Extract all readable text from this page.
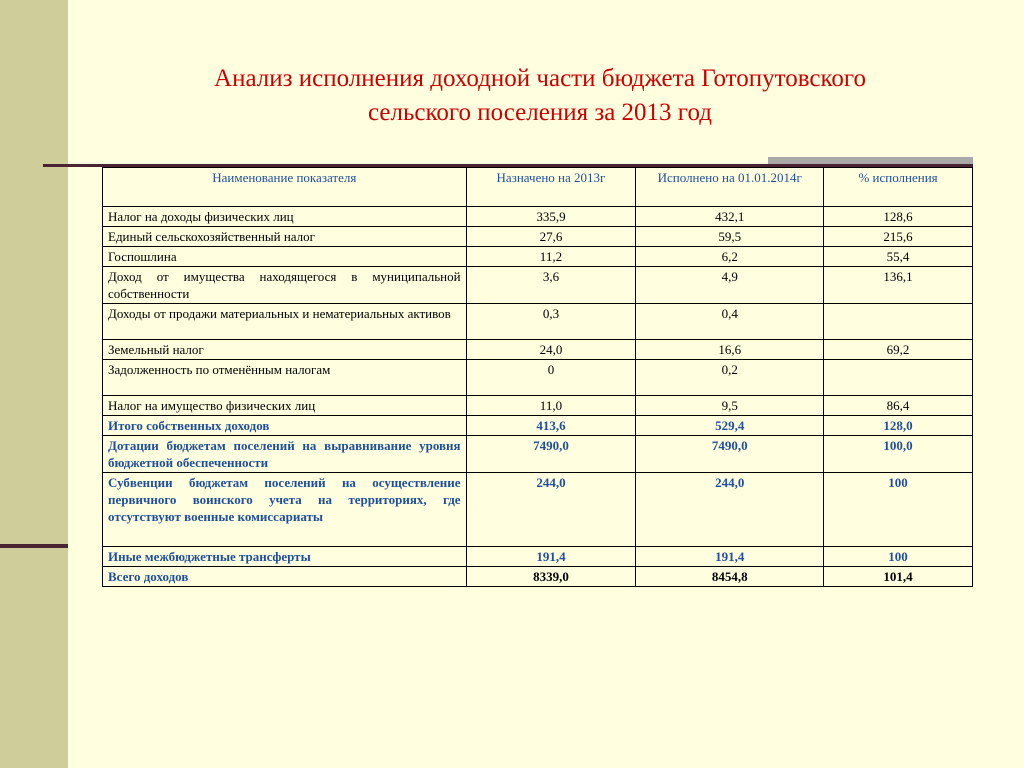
Анализ исполнения доходной части бюджета Готопутовского
сельского поселения за 2013 год
Наименование показателя	Назначено на 2013г	Исполнено на 01.01.2014г	% исполнения
Налог на доходы физических лиц	335,9	432,1	128,6
Единый сельскохозяйственный налог	27,6	59,5	215,6
Госпошлина	11,2	6,2	55,4
Доход от имущества находящегося в муниципальной собственности	3,6	4,9	136,1
Доходы от продажи материальных и нематериальных активов	0,3	0,4	
Земельный налог	24,0	16,6	69,2
Задолженность по отменённым налогам	0	0,2	
Налог на имущество физических лиц	11,0	9,5	86,4
Итого собственных доходов	413,6	529,4	128,0
Дотации бюджетам поселений на выравнивание уровня бюджетной обеспеченности	7490,0	7490,0	100,0
Субвенции бюджетам поселений на осуществление первичного воинского учета на территориях, где отсутствуют военные комиссариаты	244,0	244,0	100
Иные межбюджетные трансферты	191,4	191,4	100
Всего доходов	8339,0	8454,8	101,4
